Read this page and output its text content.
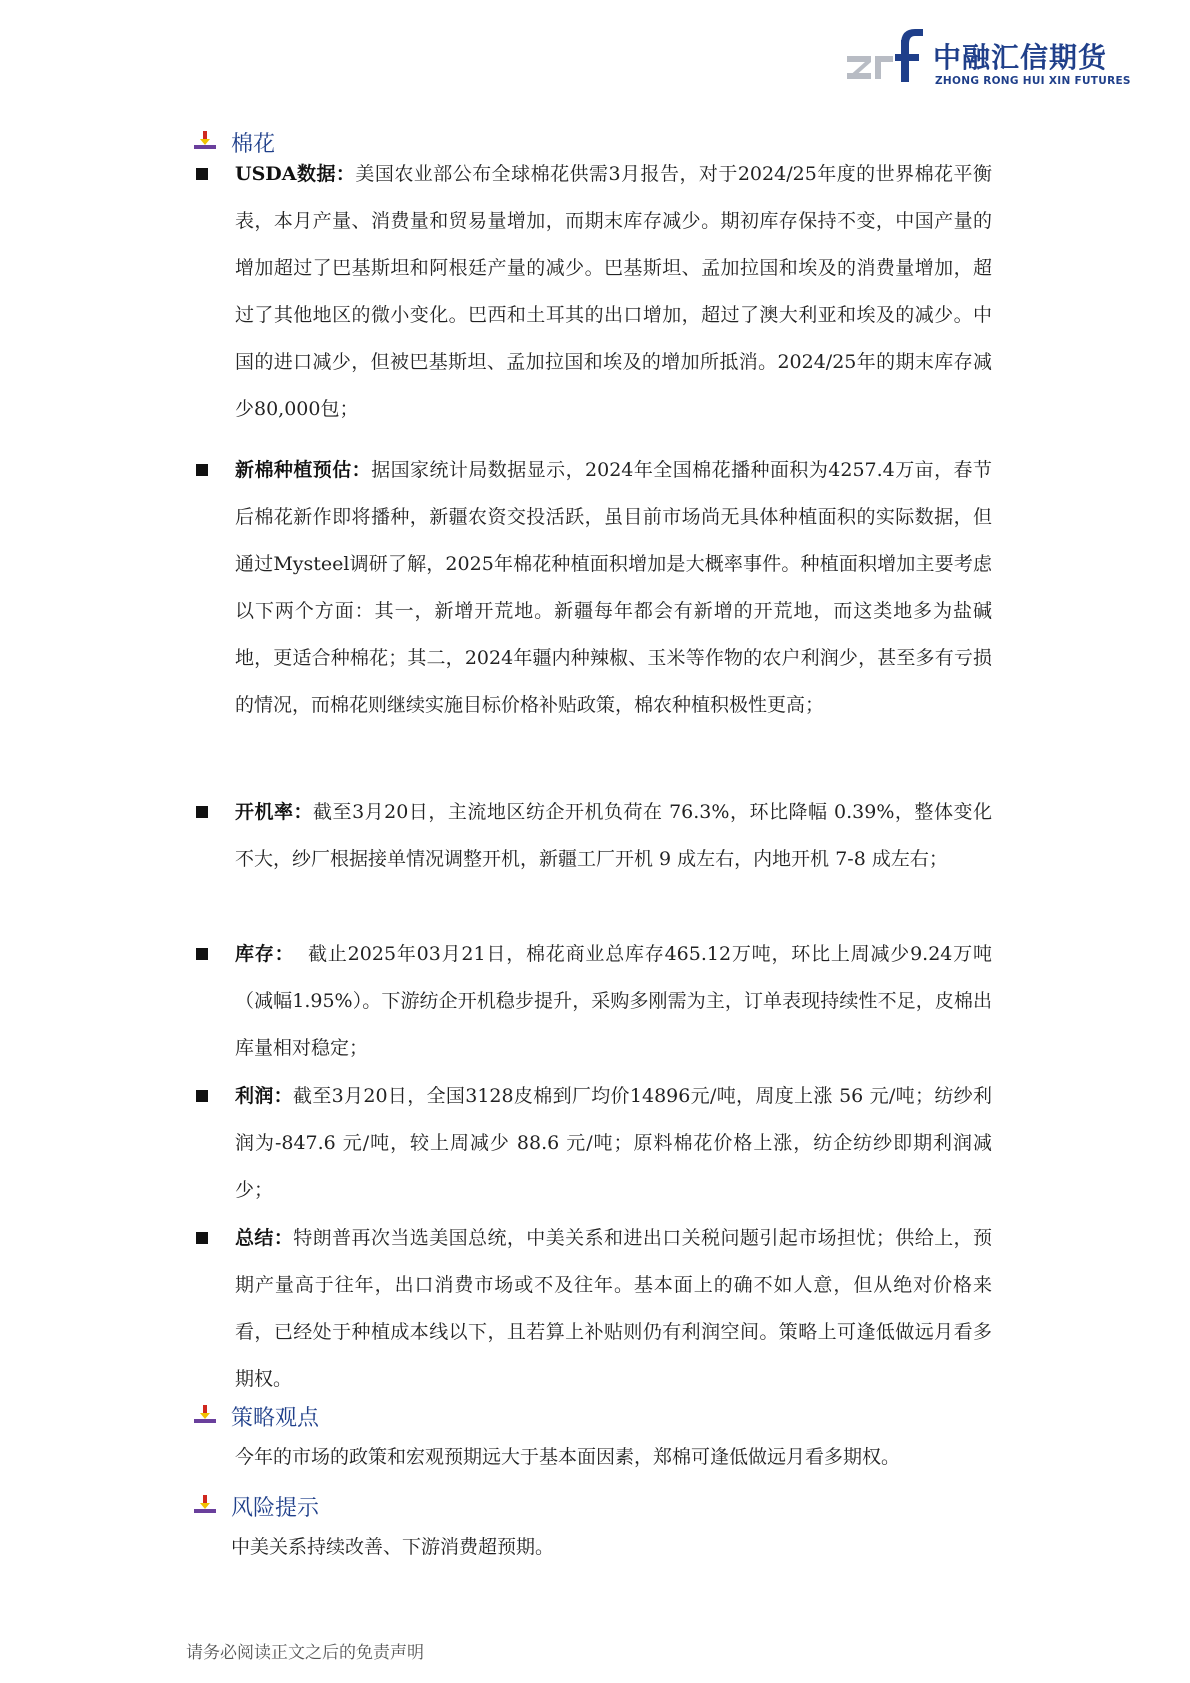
中融汇信期货
ZHONG RONG HUI XIN FUTURES
棉花
USDA数据：美国农业部公布全球棉花供需3月报告，对于2024/25年度的世界棉花平衡表，本月产量、消费量和贸易量增加，而期末库存减少。期初库存保持不变，中国产量的增加超过了巴基斯坦和阿根廷产量的减少。巴基斯坦、孟加拉国和埃及的消费量增加，超过了其他地区的微小变化。巴西和土耳其的出口增加，超过了澳大利亚和埃及的减少。中国的进口减少，但被巴基斯坦、孟加拉国和埃及的增加所抵消。2024/25年的期末库存减少80,000包；
新棉种植预估：据国家统计局数据显示，2024年全国棉花播种面积为4257.4万亩，春节后棉花新作即将播种，新疆农资交投活跃，虽目前市场尚无具体种植面积的实际数据，但通过Mysteel调研了解，2025年棉花种植面积增加是大概率事件。种植面积增加主要考虑以下两个方面：其一，新增开荒地。新疆每年都会有新增的开荒地，而这类地多为盐碱地，更适合种棉花；其二，2024年疆内种辣椒、玉米等作物的农户利润少，甚至多有亏损的情况，而棉花则继续实施目标价格补贴政策，棉农种植积极性更高；
开机率：截至3月20日，主流地区纺企开机负荷在 76.3%，环比降幅 0.39%，整体变化不大，纱厂根据接单情况调整开机，新疆工厂开机 9 成左右，内地开机 7-8 成左右；
库存：  截止2025年03月21日，棉花商业总库存465.12万吨，环比上周减少9.24万吨（减幅1.95%）。下游纺企开机稳步提升，采购多刚需为主，订单表现持续性不足，皮棉出库量相对稳定；
利润：截至3月20日，全国3128皮棉到厂均价14896元/吨，周度上涨 56 元/吨；纺纱利润为-847.6 元/吨，较上周减少 88.6 元/吨；原料棉花价格上涨，纺企纺纱即期利润减少；
总结：特朗普再次当选美国总统，中美关系和进出口关税问题引起市场担忧；供给上，预期产量高于往年，出口消费市场或不及往年。基本面上的确不如人意，但从绝对价格来看，已经处于种植成本线以下，且若算上补贴则仍有利润空间。策略上可逢低做远月看多期权。
策略观点
今年的市场的政策和宏观预期远大于基本面因素，郑棉可逢低做远月看多期权。
风险提示
中美关系持续改善、下游消费超预期。
请务必阅读正文之后的免责声明
